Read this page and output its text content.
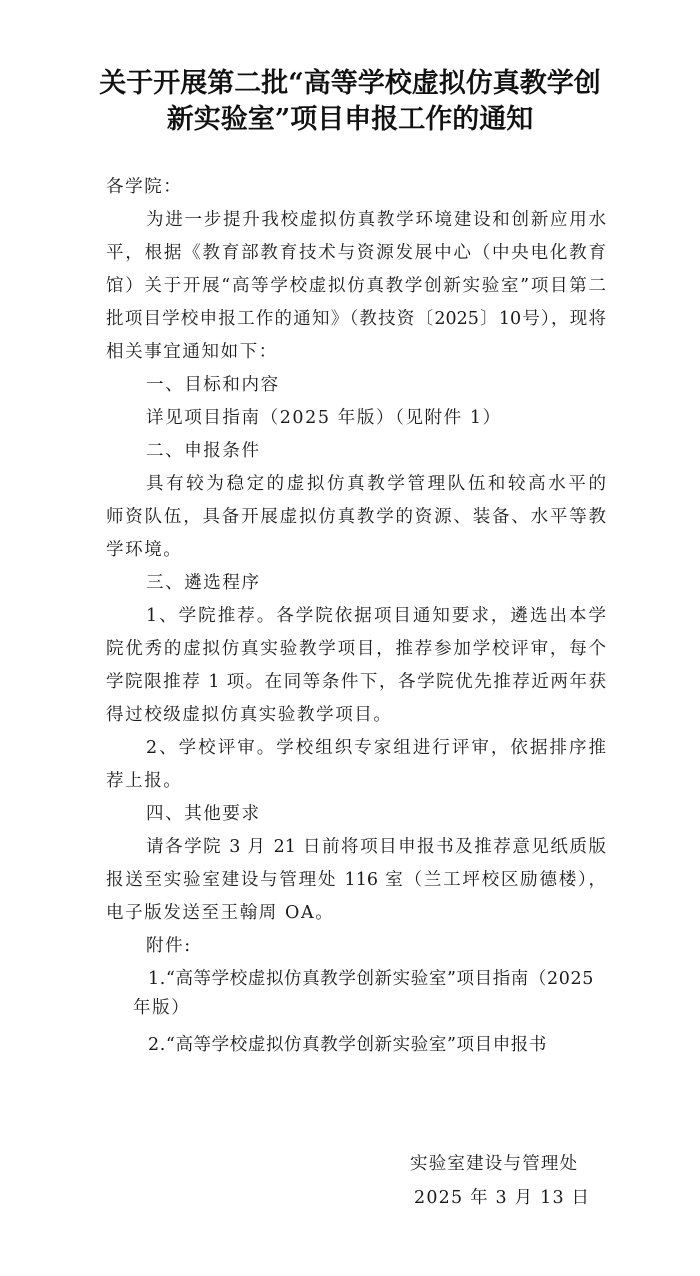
关于开展第二批“高等学校虚拟仿真教学创
新实验室”项目申报工作的通知
各学院：
为进一步提升我校虚拟仿真教学环境建设和创新应用水
平，根据《教育部教育技术与资源发展中心（中央电化教育
馆）关于开展“高等学校虚拟仿真教学创新实验室”项目第二
批项目学校申报工作的通知》（教技资〔2025〕10号），现将
相关事宜通知如下：
一、目标和内容
详见项目指南（2025 年版）（见附件 1）
二、申报条件
具有较为稳定的虚拟仿真教学管理队伍和较高水平的
师资队伍，具备开展虚拟仿真教学的资源、装备、水平等教
学环境。
三、遴选程序
1、学院推荐。各学院依据项目通知要求，遴选出本学
院优秀的虚拟仿真实验教学项目，推荐参加学校评审，每个
学院限推荐 1 项。在同等条件下，各学院优先推荐近两年获
得过校级虚拟仿真实验教学项目。
2、学校评审。学校组织专家组进行评审，依据排序推
荐上报。
四、其他要求
请各学院 3 月 21 日前将项目申报书及推荐意见纸质版
报送至实验室建设与管理处 116 室（兰工坪校区励德楼），
电子版发送至王翰周 OA。
附件:
1.“高等学校虚拟仿真教学创新实验室”项目指南（2025
年版）
2.“高等学校虚拟仿真教学创新实验室”项目申报书
实验室建设与管理处
2025 年 3 月 13 日
